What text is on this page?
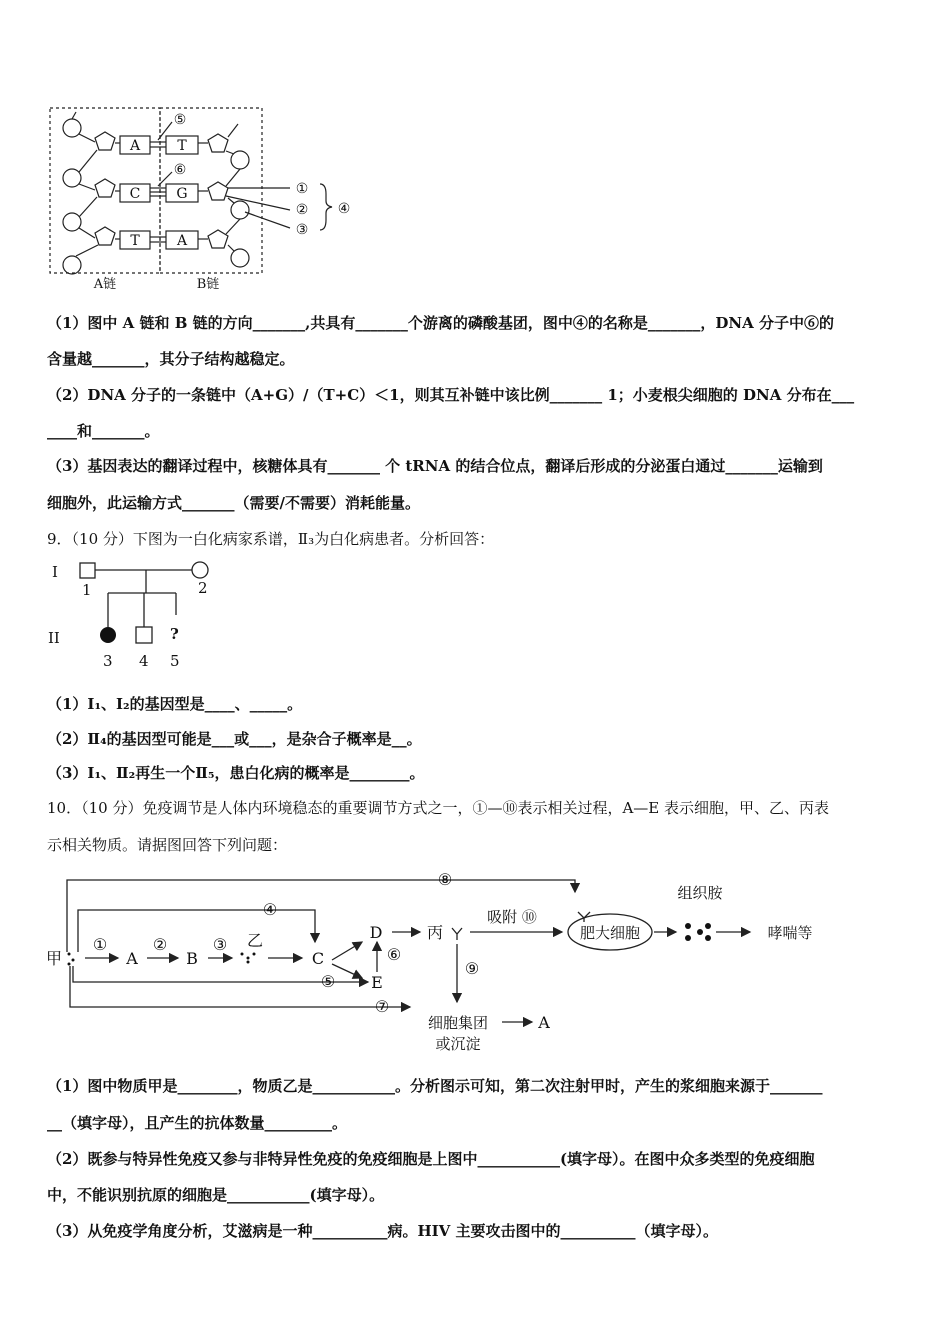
A
C
T
T
G
A
⑤
⑥
①
②
③
④
A链	B链
（1）图中 A 链和 B 链的方向_______,共具有_______个游离的磷酸基团，图中④的名称是_______，DNA 分子中⑥的
含量越_______，其分子结构越稳定。
（2）DNA 分子的一条链中（A+G）/（T+C）＜1，则其互补链中该比例_______ 1；小麦根尖细胞的 DNA 分布在___
____和_______。
（3）基因表达的翻译过程中，核糖体具有_______ 个 tRNA 的结合位点，翻译后形成的分泌蛋白通过_______运输到
细胞外，此运输方式_______（需要/不需要）消耗能量。
9．（10 分）下图为一白化病家系谱，Ⅱ₃为白化病患者。分析回答：
I
II
1	2
3 4 5
?
（1）Ⅰ₁、Ⅰ₂的基因型是____、_____。
（2）Ⅱ₄的基因型可能是___或___，是杂合子概率是__。
（3）Ⅰ₁、Ⅱ₂再生一个Ⅱ₅，患白化病的概率是________。
10．（10 分）免疫调节是人体内环境稳态的重要调节方式之一，①—⑩表示相关过程，A—E 表示细胞，甲、乙、丙表
示相关物质。请据图回答下列问题：
甲	A	B	C
D
E
乙	丙
①	②	③
④
⑤
⑥
⑦
⑧
⑨
吸附 ⑩
肥大细胞
组织胺
哮喘等
细胞集团
或沉淀
A
（1）图中物质甲是________，物质乙是___________。分析图示可知，第二次注射甲时，产生的浆细胞来源于_______
__（填字母），且产生的抗体数量_________。
（2）既参与特异性免疫又参与非特异性免疫的免疫细胞是上图中___________(填字母）。在图中众多类型的免疫细胞
中，不能识别抗原的细胞是___________(填字母）。
（3）从免疫学角度分析，艾滋病是一种__________病。HIV 主要攻击图中的__________（填字母）。
